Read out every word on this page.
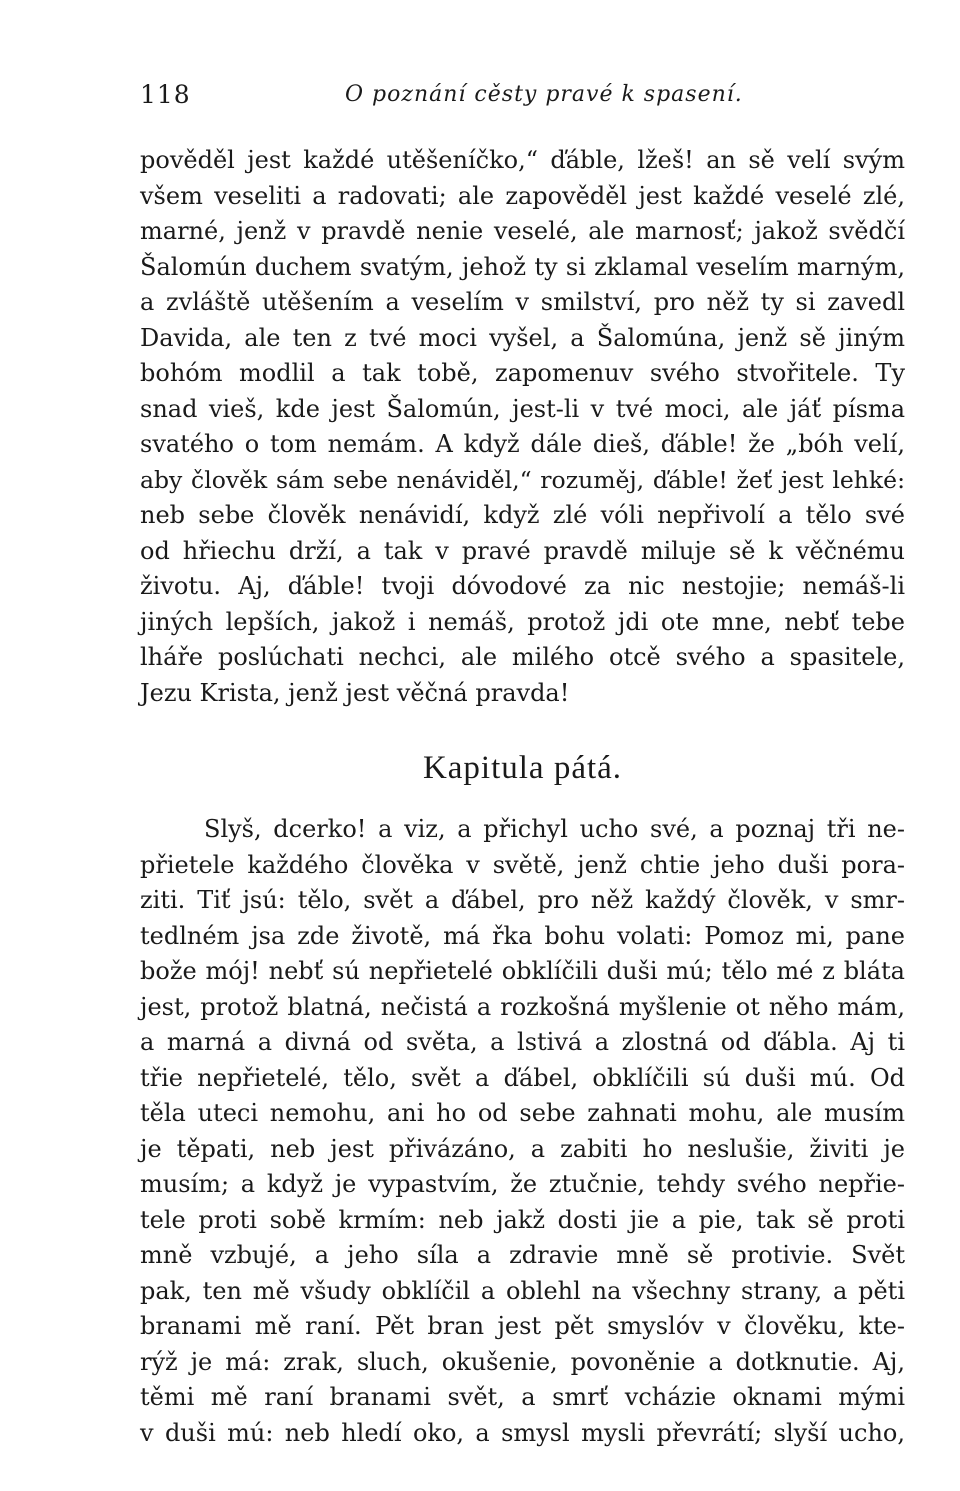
118	O poznání cěsty pravé k spasení.
pověděl jest každé utěšeníčko,“ ďáble, lžeš! an sě velí svým
všem veseliti a radovati; ale zapověděl jest každé veselé zlé,
marné, jenž v pravdě nenie veselé, ale marnosť; jakož svědčí
Šalomún duchem svatým, jehož ty si zklamal veselím marným,
a zvláště utěšením a veselím v smilství, pro něž ty si zavedl
Davida, ale ten z tvé moci vyšel, a Šalomúna, jenž sě jiným
bohóm modlil a tak tobě, zapomenuv svého stvořitele. Ty
snad vieš, kde jest Šalomún, jest-li v tvé moci, ale jáť písma
svatého o tom nemám. A když dále dieš, ďáble! že „bóh velí,
aby člověk sám sebe nenáviděl,“ rozuměj, ďáble! žeť jest lehké:
neb sebe člověk nenávidí, když zlé vóli nepřivolí a tělo své
od hřiechu drží, a tak v pravé pravdě miluje sě k věčnému
životu. Aj, ďáble! tvoji dóvodové za nic nestojie; nemáš-li
jiných lepších, jakož i nemáš, protož jdi ote mne, nebť tebe
lháře poslúchati nechci, ale milého otcě svého a spasitele,
Jezu Krista, jenž jest věčná pravda!
Kapitula pátá.
Slyš, dcerko! a viz, a přichyl ucho své, a poznaj tři ne-
přietele každého člověka v světě, jenž chtie jeho duši pora-
ziti. Tiť jsú: tělo, svět a ďábel, pro něž každý člověk, v smr-
tedlném jsa zde životě, má řka bohu volati: Pomoz mi, pane
bože mój! nebť sú nepřietelé obklíčili duši mú; tělo mé z bláta
jest, protož blatná, nečistá a rozkošná myšlenie ot něho mám,
a marná a divná od světa, a lstivá a zlostná od ďábla. Aj ti
třie nepřietelé, tělo, svět a ďábel, obklíčili sú duši mú. Od
těla uteci nemohu, ani ho od sebe zahnati mohu, ale musím
je těpati, neb jest přivázáno, a zabiti ho neslušie, živiti je
musím; a když je vypastvím, že ztučnie, tehdy svého nepřie-
tele proti sobě krmím: neb jakž dosti jie a pie, tak sě proti
mně vzbujé, a jeho síla a zdravie mně sě protivie. Svět
pak, ten mě všudy obklíčil a oblehl na všechny strany, a pěti
branami mě raní. Pět bran jest pět smyslóv v člověku, kte-
rýž je má: zrak, sluch, okušenie, povoněnie a dotknutie. Aj,
těmi mě raní branami svět, a smrť vcházie oknami mými
v duši mú: neb hledí oko, a smysl mysli převrátí; slyší ucho,
